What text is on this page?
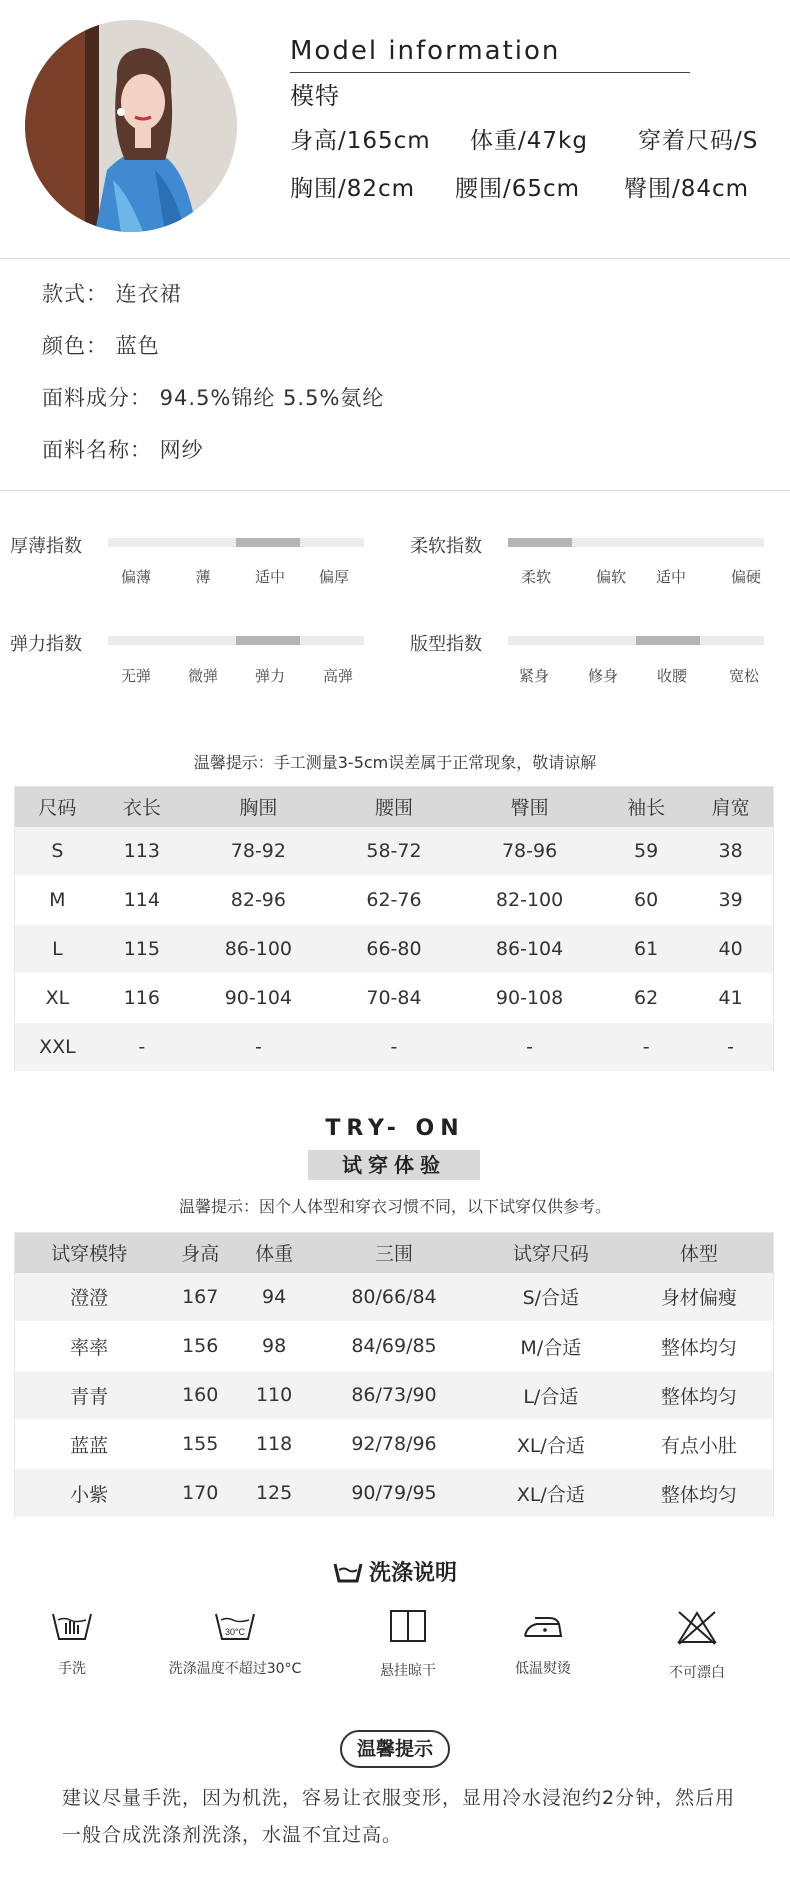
Model information
模特
身高/165cm 体重/47kg 穿着尺码/S
胸围/82cm 腰围/65cm 臀围/84cm
款式： 连衣裙
颜色： 蓝色
面料成分： 94.5%锦纶 5.5%氨纶
面料名称： 网纱
厚薄指数
偏薄	薄	适中 偏厚
柔软指数
柔软	偏软 适中	偏硬
弹力指数
无弹 微弹 弹力	高弹
版型指数
紧身	修身	收腰	宽松
温馨提示：手工测量3-5cm误差属于正常现象，敬请谅解
尺码	衣长	胸围	腰围	臀围	袖长	肩宽
S	113	78-92	58-72	78-96	59	38
M	114	82-96	62-76	82-100	60	39
L	115	86-100	66-80	86-104	61	40
XL	116	90-104	70-84	90-108	62	41
XXL	-	-	-	-	-	-
TRY- ON
试穿体验
温馨提示：因个人体型和穿衣习惯不同，以下试穿仅供参考。
试穿模特	身高	体重	三围	试穿尺码	体型
澄澄	167	94	80/66/84	S/合适	身材偏瘦
率率	156	98	84/69/85	M/合适	整体均匀
青青	160	110	86/73/90	L/合适	整体均匀
蓝蓝	155	118	92/78/96	XL/合适	有点小肚
小紫	170	125	90/79/95	XL/合适	整体均匀
洗涤说明
手洗
30°C
洗涤温度不超过30°C	悬挂晾干	低温熨烫	不可漂白
温馨提示
建议尽量手洗，因为机洗，容易让衣服变形，显用冷水浸泡约2分钟，然后用一般合成洗涤剂洗涤，水温不宜过高。
